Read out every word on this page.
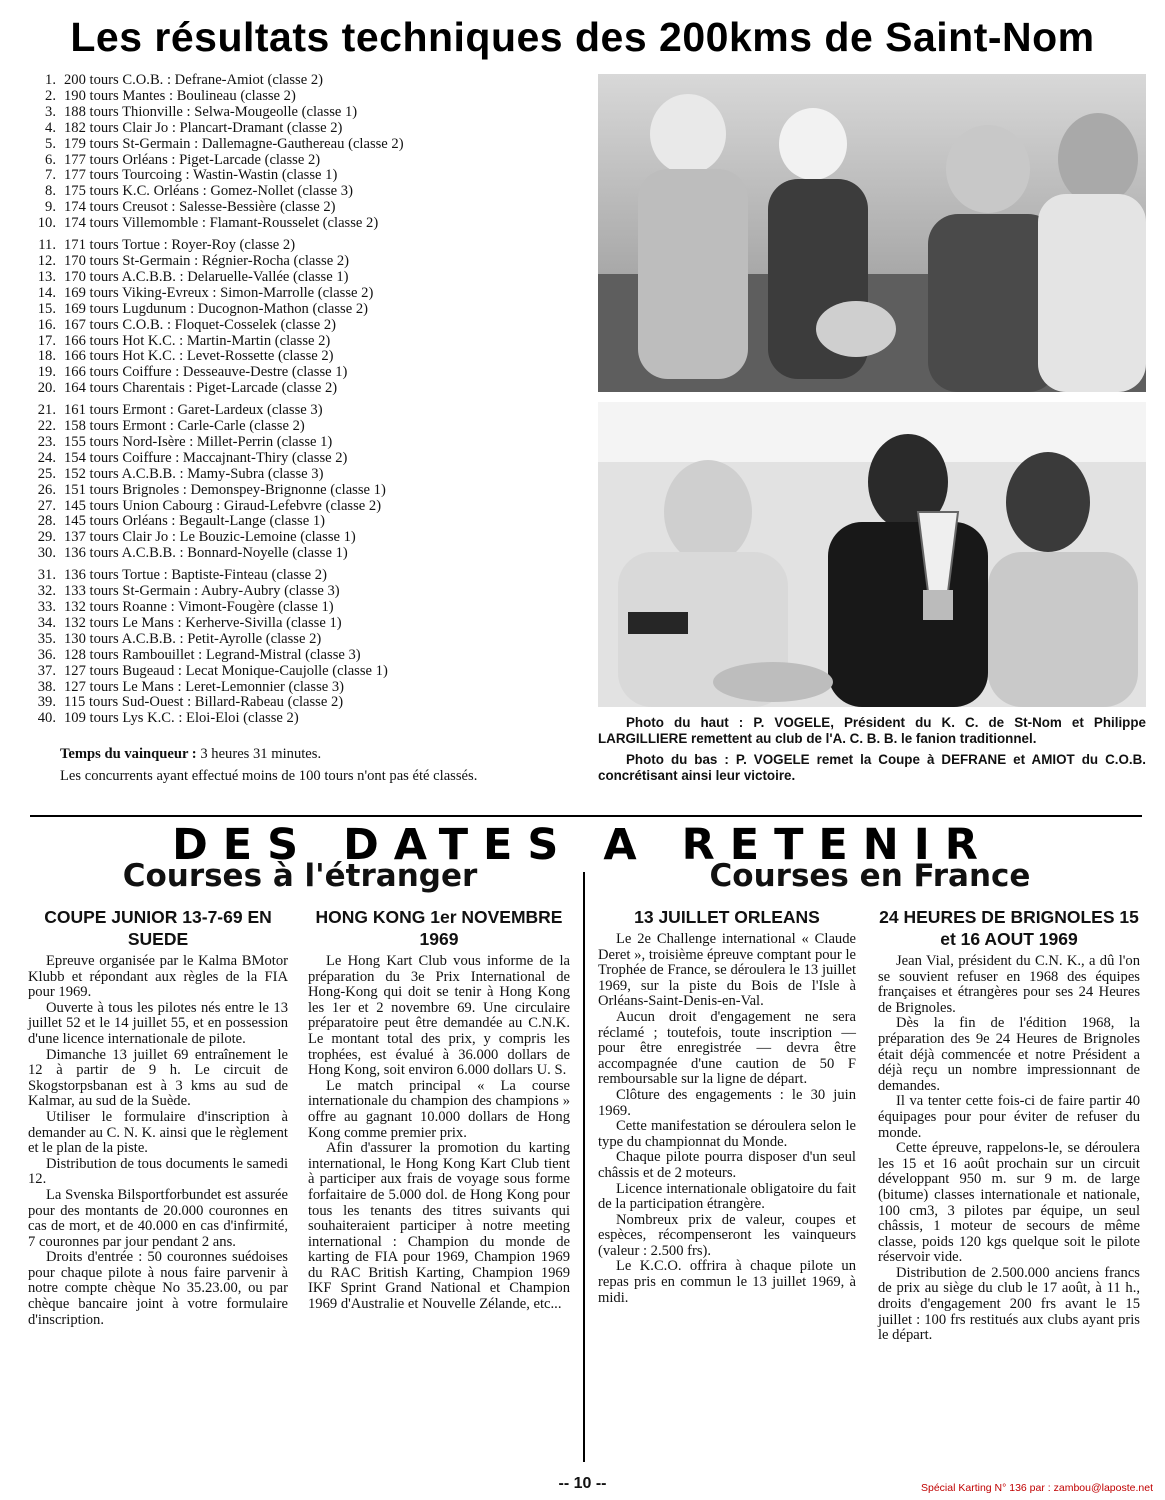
Les résultats techniques des 200kms de Saint-Nom
1. 200 tours C.O.B. : Defrane-Amiot (classe 2)
2. 190 tours Mantes : Boulineau (classe 2)
3. 188 tours Thionville : Selwa-Mougeolle (classe 1)
4. 182 tours Clair Jo : Plancart-Dramant (classe 2)
5. 179 tours St-Germain : Dallemagne-Gauthereau (classe 2)
6. 177 tours Orléans : Piget-Larcade (classe 2)
7. 177 tours Tourcoing : Wastin-Wastin (classe 1)
8. 175 tours K.C. Orléans : Gomez-Nollet (classe 3)
9. 174 tours Creusot : Salesse-Bessière (classe 2)
10. 174 tours Villemomble : Flamant-Rousselet (classe 2)
11. 171 tours Tortue : Royer-Roy (classe 2)
12. 170 tours St-Germain : Régnier-Rocha (classe 2)
13. 170 tours A.C.B.B. : Delaruelle-Vallée (classe 1)
14. 169 tours Viking-Evreux : Simon-Marrolle (classe 2)
15. 169 tours Lugdunum : Ducognon-Mathon (classe 2)
16. 167 tours C.O.B. : Floquet-Cosselek (classe 2)
17. 166 tours Hot K.C. : Martin-Martin (classe 2)
18. 166 tours Hot K.C. : Levet-Rossette (classe 2)
19. 166 tours Coiffure : Desseauve-Destre (classe 1)
20. 164 tours Charentais : Piget-Larcade (classe 2)
21. 161 tours Ermont : Garet-Lardeux (classe 3)
22. 158 tours Ermont : Carle-Carle (classe 2)
23. 155 tours Nord-Isère : Millet-Perrin (classe 1)
24. 154 tours Coiffure : Maccajnant-Thiry (classe 2)
25. 152 tours A.C.B.B. : Mamy-Subra (classe 3)
26. 151 tours Brignoles : Demonspey-Brignonne (classe 1)
27. 145 tours Union Cabourg : Giraud-Lefebvre (classe 2)
28. 145 tours Orléans : Begault-Lange (classe 1)
29. 137 tours Clair Jo : Le Bouzic-Lemoine (classe 1)
30. 136 tours A.C.B.B. : Bonnard-Noyelle (classe 1)
31. 136 tours Tortue : Baptiste-Finteau (classe 2)
32. 133 tours St-Germain : Aubry-Aubry (classe 3)
33. 132 tours Roanne : Vimont-Fougère (classe 1)
34. 132 tours Le Mans : Kerherve-Sivilla (classe 1)
35. 130 tours A.C.B.B. : Petit-Ayrolle (classe 2)
36. 128 tours Rambouillet : Legrand-Mistral (classe 3)
37. 127 tours Bugeaud : Lecat Monique-Caujolle (classe 1)
38. 127 tours Le Mans : Leret-Lemonnier (classe 3)
39. 115 tours Sud-Ouest : Billard-Rabeau (classe 2)
40. 109 tours Lys K.C. : Eloi-Eloi (classe 2)

Temps du vainqueur : 3 heures 31 minutes.

Les concurrents ayant effectué moins de 100 tours n'ont pas été classés.

Photo du haut : P. VOGELE, Président du K. C. de St-Nom et Philippe LARGILLIERE remettent au club de l'A. C. B. B. le fanion traditionnel.

Photo du bas : P. VOGELE remet la Coupe à DEFRANE et AMIOT du C.O.B. concrétisant ainsi leur victoire.

DES DATES A RETENIR
Courses à l'étranger	Courses en France
COUPE JUNIOR 13-7-69 EN SUEDE

Epreuve organisée par le Kalma BMotor Klubb et répondant aux règles de la FIA pour 1969.

Ouverte à tous les pilotes nés entre le 13 juillet 52 et le 14 juillet 55, et en possession d'une licence internationale de pilote.

Dimanche 13 juillet 69 entraînement le 12 à partir de 9 h. Le circuit de Skogstorpsbanan est à 3 kms au sud de Kalmar, au sud de la Suède.

Utiliser le formulaire d'inscription à demander au C. N. K. ainsi que le règlement et le plan de la piste.

Distribution de tous documents le samedi 12.

La Svenska Bilsportforbundet est assurée pour des montants de 20.000 couronnes en cas de mort, et de 40.000 en cas d'infirmité, 7 couronnes par jour pendant 2 ans.

Droits d'entrée : 50 couronnes suédoises pour chaque pilote à nous faire parvenir à notre compte chèque No 35.23.00, ou par chèque bancaire joint à votre formulaire d'inscription.

HONG KONG 1er NOVEMBRE 1969

Le Hong Kart Club vous informe de la préparation du 3e Prix International de Hong-Kong qui doit se tenir à Hong Kong les 1er et 2 novembre 69. Une circulaire préparatoire peut être demandée au C.N.K. Le montant total des prix, y compris les trophées, est évalué à 36.000 dollars de Hong Kong, soit environ 6.000 dollars U. S.

Le match principal « La course internationale du champion des champions » offre au gagnant 10.000 dollars de Hong Kong comme premier prix.

Afin d'assurer la promotion du karting international, le Hong Kong Kart Club tient à participer aux frais de voyage sous forme forfaitaire de 5.000 dol. de Hong Kong pour tous les tenants des titres suivants qui souhaiteraient participer à notre meeting international : Champion du monde de karting de FIA pour 1969, Champion 1969 du RAC British Karting, Champion 1969 IKF Sprint Grand National et Champion 1969 d'Australie et Nouvelle Zélande, etc...

13 JUILLET ORLEANS

Le 2e Challenge international « Claude Deret », troisième épreuve comptant pour le Trophée de France, se déroulera le 13 juillet 1969, sur la piste du Bois de l'Isle à Orléans-Saint-Denis-en-Val.

Aucun droit d'engagement ne sera réclamé ; toutefois, toute inscription — pour être enregistrée — devra être accompagnée d'une caution de 50 F remboursable sur la ligne de départ.

Clôture des engagements : le 30 juin 1969.

Cette manifestation se déroulera selon le type du championnat du Monde.

Chaque pilote pourra disposer d'un seul châssis et de 2 moteurs.

Licence internationale obligatoire du fait de la participation étrangère.

Nombreux prix de valeur, coupes et espèces, récompenseront les vainqueurs (valeur : 2.500 frs).

Le K.C.O. offrira à chaque pilote un repas pris en commun le 13 juillet 1969, à midi.

24 HEURES DE BRIGNOLES 15 et 16 AOUT 1969

Jean Vial, président du C.N. K., a dû l'on se souvient refuser en 1968 des équipes françaises et étrangères pour ses 24 Heures de Brignoles.

Dès la fin de l'édition 1968, la préparation des 9e 24 Heures de Brignoles était déjà commencée et notre Président a déjà reçu un nombre impressionnant de demandes.

Il va tenter cette fois-ci de faire partir 40 équipages pour pour éviter de refuser du monde.

Cette épreuve, rappelons-le, se déroulera les 15 et 16 août prochain sur un circuit développant 950 m. sur 9 m. de large (bitume) classes internationale et nationale, 100 cm3, 3 pilotes par équipe, un seul châssis, 1 moteur de secours de même classe, poids 120 kgs quelque soit le pilote réservoir vide.

Distribution de 2.500.000 anciens francs de prix au siège du club le 17 août, à 11 h., droits d'engagement 200 frs avant le 15 juillet : 100 frs restitués aux clubs ayant pris le départ.

-- 10 --	Spécial Karting N° 136 par : zambou@laposte.net
